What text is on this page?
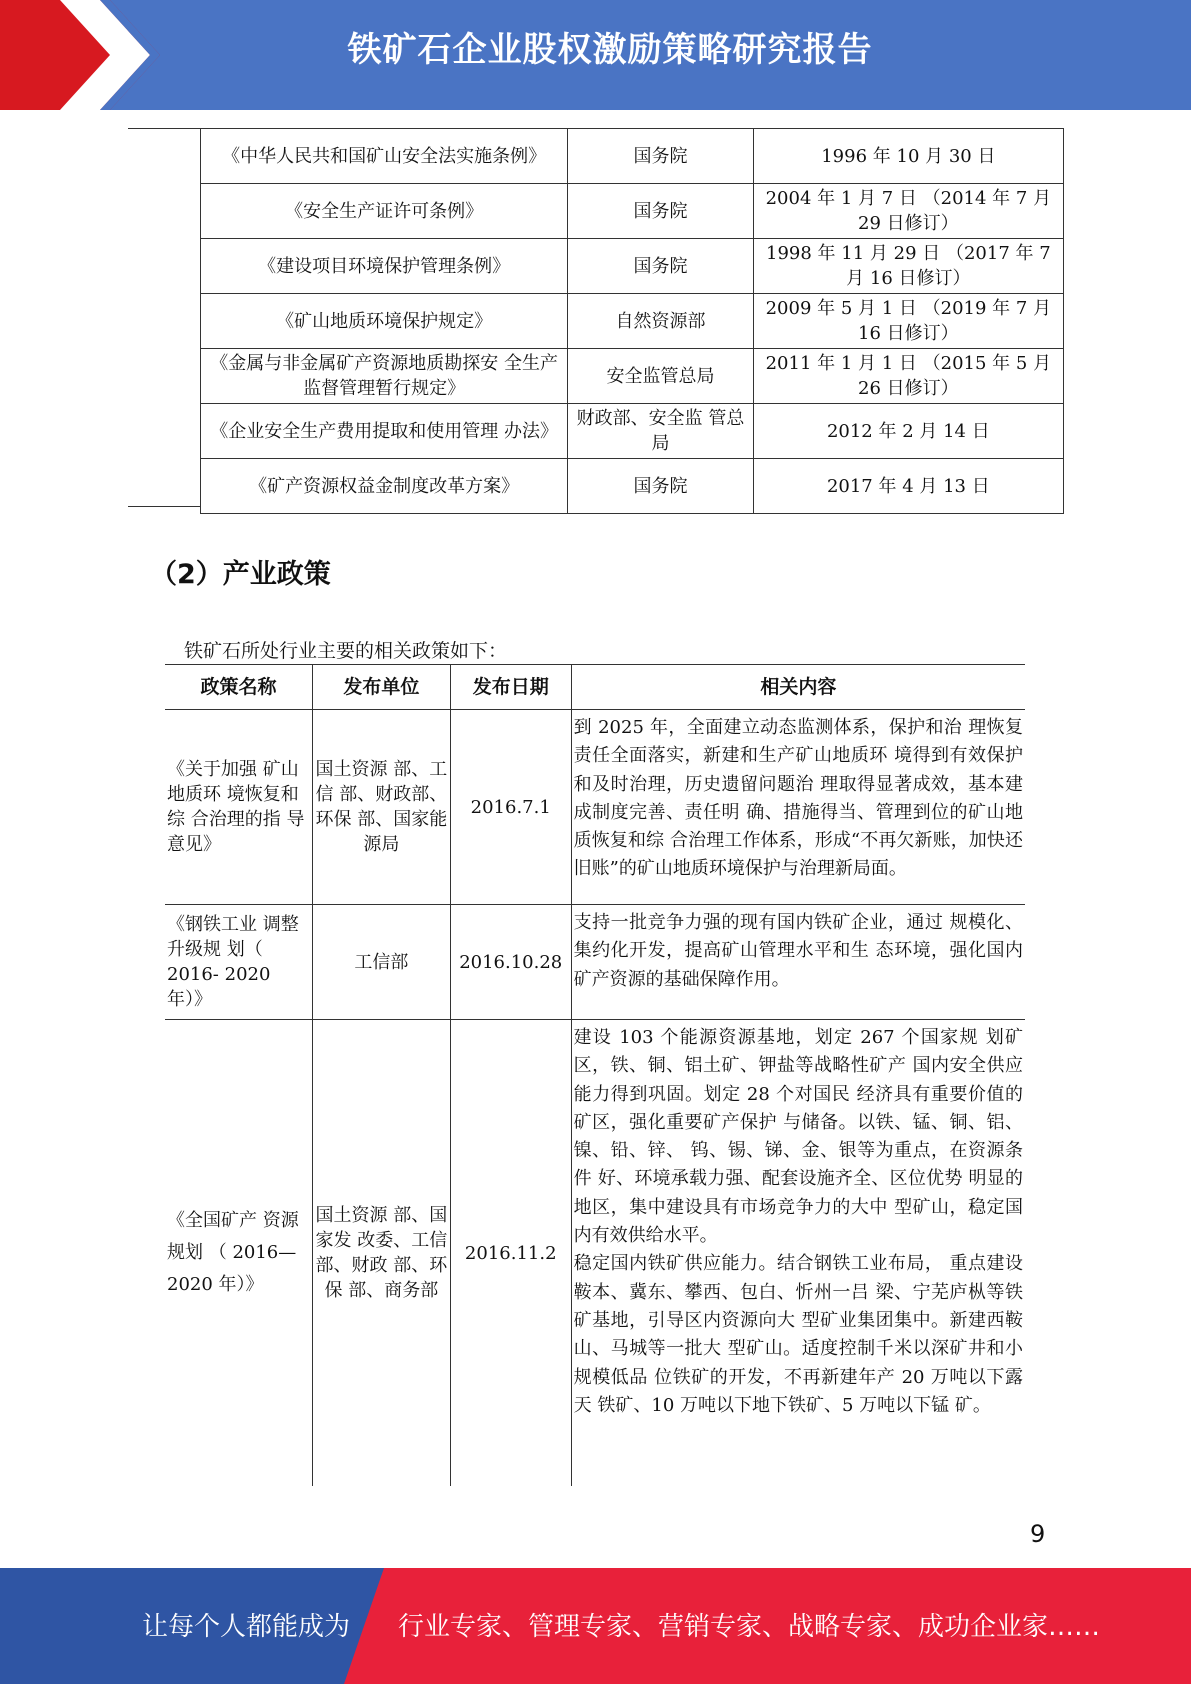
铁矿石企业股权激励策略研究报告
《中华人民共和国矿山安全法实施条例》	国务院	1996 年 10 月 30 日
《安全生产证许可条例》	国务院	2004 年 1 月 7 日 （2014 年 7 月 29 日修订）
《建设项目环境保护管理条例》	国务院	1998 年 11 月 29 日 （2017 年 7 月 16 日修订）
《矿山地质环境保护规定》	自然资源部	2009 年 5 月 1 日 （2019 年 7 月 16 日修订）
《金属与非金属矿产资源地质勘探安 全生产监督管理暂行规定》	安全监管总局	2011 年 1 月 1 日 （2015 年 5 月 26 日修订）
《企业安全生产费用提取和使用管理 办法》	财政部、安全监 管总局	2012 年 2 月 14 日
《矿产资源权益金制度改革方案》	国务院	2017 年 4 月 13 日
（2）产业政策
铁矿石所处行业主要的相关政策如下：
政策名称	发布单位	发布日期	相关内容
《关于加强 矿山地质环 境恢复和综 合治理的指 导意见》	国土资源 部、工信 部、财政部、环保 部、国家能 源局	2016.7.1	到 2025 年，全面建立动态监测体系，保护和治 理恢复责任全面落实，新建和生产矿山地质环 境得到有效保护和及时治理，历史遗留问题治 理取得显著成效，基本建成制度完善、责任明 确、措施得当、管理到位的矿山地质恢复和综 合治理工作体系，形成“不再欠新账，加快还 旧账”的矿山地质环境保护与治理新局面。
《钢铁工业 调整升级规 划（ 2016- 2020 年）》	工信部	2016.10.28	支持一批竞争力强的现有国内铁矿企业，通过 规模化、集约化开发，提高矿山管理水平和生 态环境，强化国内矿产资源的基础保障作用。
《全国矿产 资源规划 （ 2016— 2020 年）》	国土资源 部、国家发 改委、工信 部、财政 部、环保 部、商务部	2016.11.2	建设 103 个能源资源基地，划定 267 个国家规 划矿区，铁、铜、铝土矿、钾盐等战略性矿产 国内安全供应能力得到巩固。划定 28 个对国民 经济具有重要价值的矿区，强化重要矿产保护 与储备。以铁、锰、铜、铝、镍、铅、锌、 钨、锡、锑、金、银等为重点，在资源条件 好、环境承载力强、配套设施齐全、区位优势 明显的地区，集中建设具有市场竞争力的大中 型矿山，稳定国内有效供给水平。
稳定国内铁矿供应能力。结合钢铁工业布局， 重点建设鞍本、冀东、攀西、包白、忻州一吕 梁、宁芜庐枞等铁矿基地，引导区内资源向大 型矿业集团集中。新建西鞍山、马城等一批大 型矿山。适度控制千米以深矿井和小规模低品 位铁矿的开发，不再新建年产 20 万吨以下露天 铁矿、10 万吨以下地下铁矿、5 万吨以下锰 矿。
9
让每个人都能成为 行业专家、管理专家、营销专家、战略专家、成功企业家……
